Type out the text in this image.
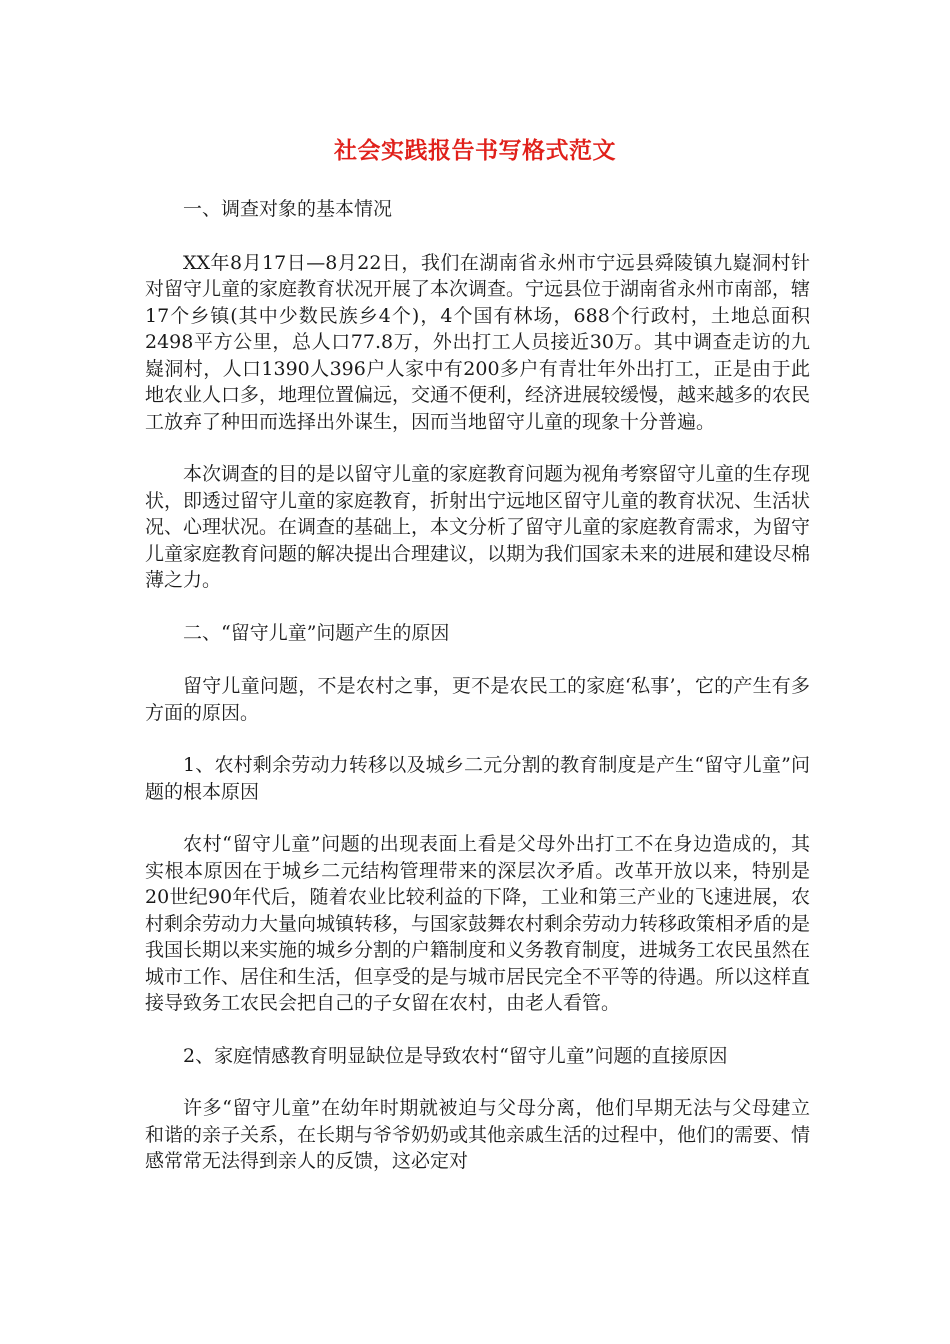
社会实践报告书写格式范文

一、调查对象的基本情况

XX年8月17日—8月22日，我们在湖南省永州市宁远县舜陵镇九嶷洞村针对留守儿童的家庭教育状况开展了本次调查。宁远县位于湖南省永州市南部，辖17个乡镇(其中少数民族乡4个)，4个国有林场，688个行政村，土地总面积2498平方公里，总人口77.8万，外出打工人员接近30万。其中调查走访的九嶷洞村，人口1390人396户人家中有200多户有青壮年外出打工，正是由于此地农业人口多，地理位置偏远，交通不便利，经济进展较缓慢，越来越多的农民工放弃了种田而选择出外谋生，因而当地留守儿童的现象十分普遍。

本次调查的目的是以留守儿童的家庭教育问题为视角考察留守儿童的生存现状，即透过留守儿童的家庭教育，折射出宁远地区留守儿童的教育状况、生活状况、心理状况。在调查的基础上，本文分析了留守儿童的家庭教育需求，为留守儿童家庭教育问题的解决提出合理建议，以期为我们国家未来的进展和建设尽棉薄之力。

二、“留守儿童”问题产生的原因

留守儿童问题，不是农村之事，更不是农民工的家庭‘私事’，它的产生有多方面的原因。

1、农村剩余劳动力转移以及城乡二元分割的教育制度是产生“留守儿童”问题的根本原因

农村“留守儿童”问题的出现表面上看是父母外出打工不在身边造成的，其实根本原因在于城乡二元结构管理带来的深层次矛盾。改革开放以来，特别是20世纪90年代后，随着农业比较利益的下降，工业和第三产业的飞速进展，农村剩余劳动力大量向城镇转移，与国家鼓舞农村剩余劳动力转移政策相矛盾的是我国长期以来实施的城乡分割的户籍制度和义务教育制度，进城务工农民虽然在城市工作、居住和生活，但享受的是与城市居民完全不平等的待遇。所以这样直接导致务工农民会把自己的子女留在农村，由老人看管。

2、家庭情感教育明显缺位是导致农村“留守儿童”问题的直接原因

许多“留守儿童”在幼年时期就被迫与父母分离，他们早期无法与父母建立和谐的亲子关系，在长期与爷爷奶奶或其他亲戚生活的过程中，他们的需要、情感常常无法得到亲人的反馈，这必定对
